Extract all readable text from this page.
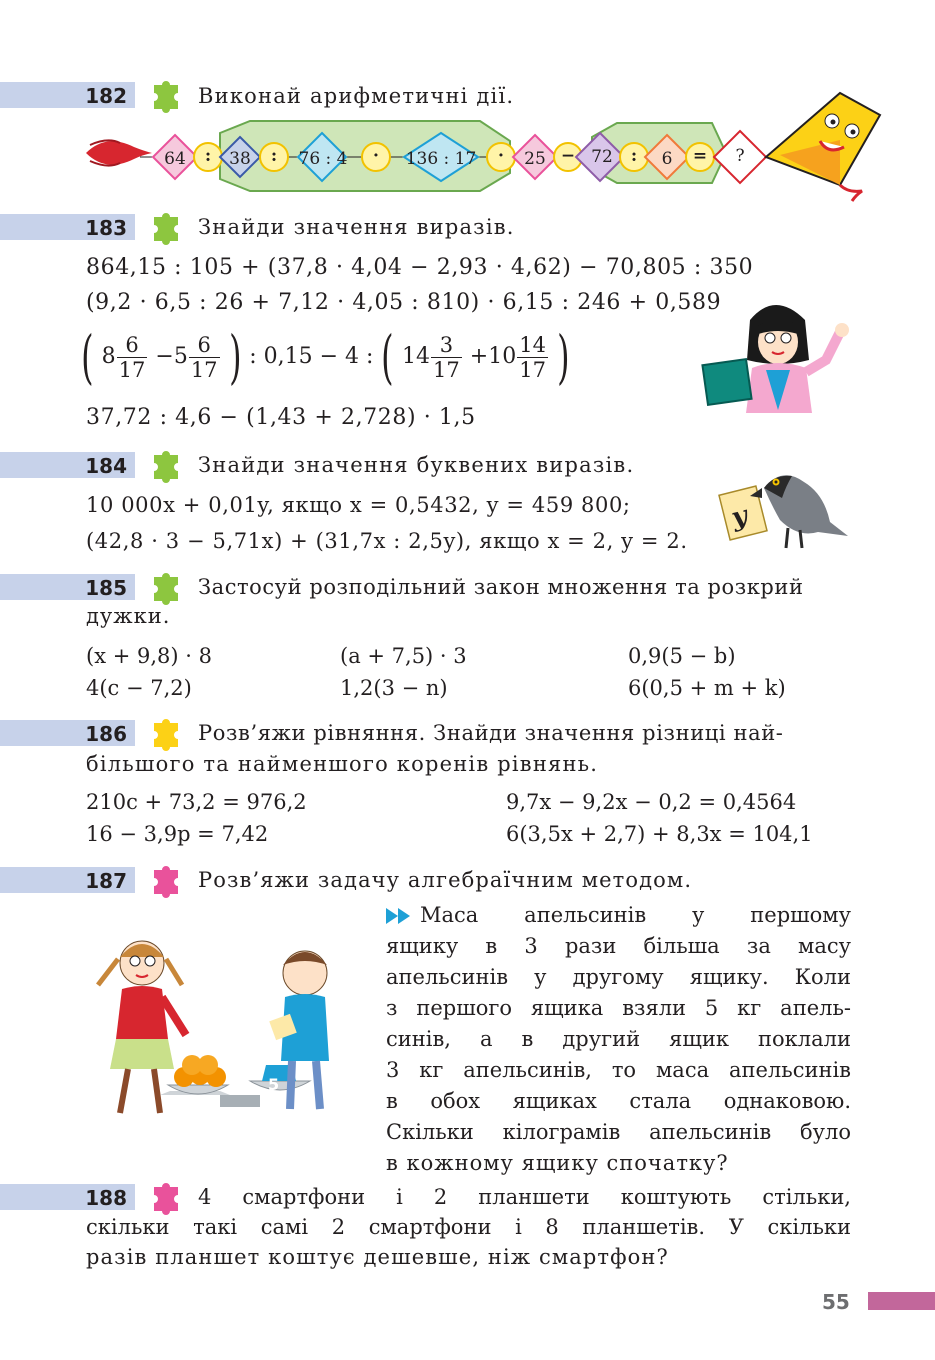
182	Виконай арифметичні дії.
64	:	38	:	76 : 4	·	136 : 17	·	25 − 72	:	6 =	?
183	Знайди значення виразів.
864,15 : 105 + (37,8 · 4,04 − 2,93 · 4,62) − 70,805 : 350
(9,2 · 6,5 : 26 + 7,12 · 4,05 : 810) · 6,15 : 246 + 0,589
( $8 \frac{6}{17} -5 \frac{6}{17}$ ) : 0,15 − 4 : ( $14 \frac{3}{17} +10 \frac{14}{17}$ )
37,72 : 4,6 − (1,43 + 2,728) · 1,5
184	Знайди значення буквених виразів.
10 000x + 0,01y, якщо x = 0,5432, y = 459 800;
(42,8 · 3 − 5,71x) + (31,7x : 2,5y), якщо x = 2, y = 2.
y
185	Застосуй розподільний закон множення та розкрий
дужки.
(x + 9,8) · 8	(a + 7,5) · 3	0,9(5 − b)
4(c − 7,2)	1,2(3 − n)	6(0,5 + m + k)
186	Розв’яжи рівняння. Знайди значення різниці най-
більшого та найменшого коренів рівнянь.
210c + 73,2 = 976,2	9,7x − 9,2x − 0,2 = 0,4564
16 − 3,9p = 7,42	6(3,5x + 2,7) + 8,3x = 104,1
187	Розв’яжи задачу алгебраїчним методом.
Маса апельсинів у першому
ящику в 3 рази більша за масу
апельсинів у другому ящику. Коли
з першого ящика взяли 5 кг апель-
синів, а в другий ящик поклали
3 кг апельсинів, то маса апельсинів
в обох ящиках стала однаковою.
Скільки кілограмів апельсинів було
в кожному ящику спочатку?
5
188	4 смартфони і 2 планшети коштують стільки,
скільки такі самі 2 смартфони і 8 планшетів. У скільки
разів планшет коштує дешевше, ніж смартфон?
55
